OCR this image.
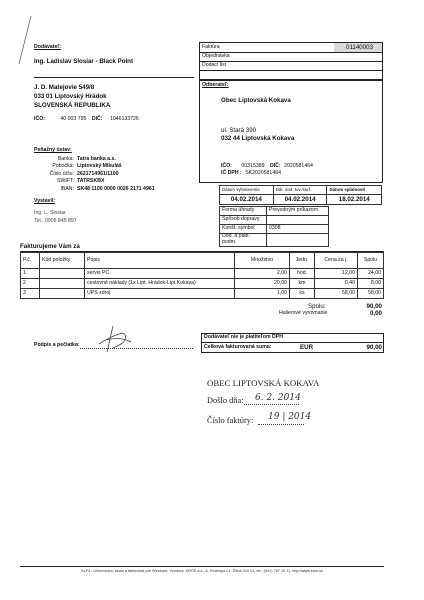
Dodávateľ:
Ing. Ladislav Slosiar - Black Point
J. D. Matejovie 549/8
033 01 Liptovský Hrádok
SLOVENSKÁ REPUBLIKA
IČO:	40 003 795 DIČ: 1046133726
Peňažný ústav:
Banka: Tatra banka a.s.
Pobočka: Liptovský Mikuláš
Číslo účtu: 2621714961/1100
SWIFT: TATRSKBX
IBAN: SK48 1100 0000 0026 2171 4961
Vystavil:
Ing. L. Slosiar
Tel.: 0905 845 897
Faktúra	01140003
Objednávka
Dodací list
Odberateľ:
Obec Liptovská Kokava
ul. Stará 390
032 44 Liptovská Kokava
IČO: 00315389 DIČ: 2020581464
IČ DPH : SK2020581464
Dátum vyhotovenia	Dát. dod. tov./služ.	Dátum splatnosti
04.02.2014	04.02.2014	18.02.2014
Forma úhrady	Prevodným príkazom
Spôsob dopravy	
Konšt. symbol	0308
Dod. a platí. podm.	
Fakturujeme Vám za
P.č.	Kód položky	Popis	Množstvo	Jedn.	Cena za j.	Spolu
1		servis PC	2,00	hod.	12,00	24,00
2		cestovné náklady (1x Lipt. Hrádok-Lipt.Kokava)	20,00	km	0,40	8,00
3		UPS zdroj	1,00	ks	58,00	58,00
Spolu:	90,00
Halierové vyrovnanie	0,00
Podpis a pečiatka:
Dodávateľ nie je platiteľom DPH
Celková fakturovaná suma:	EUR	90,00
OBEC LIPTOVSKÁ KOKAVA
Došlo dňa: 6. 2. 2014
Číslo faktúry: 19 | 2014
KLF4 - účtovníctvo, sklad a fakturácia pre Windows. Výrobca: KROS a.s., A. Rudnaya 21, Žilina 010 01, tel.: (041) 707 10 11, http://www.kros.sk
